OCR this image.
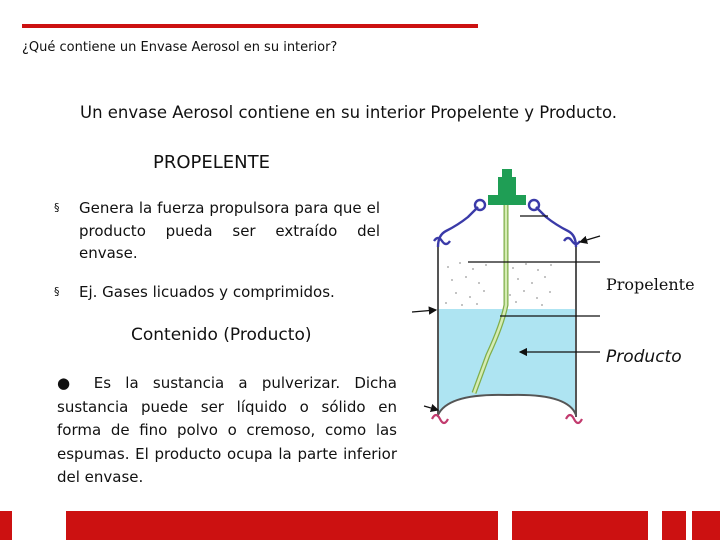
¿Qué contiene un Envase Aerosol en su interior?
Un envase Aerosol contiene en su interior Propelente y Producto.
PROPELENTE
§	Genera la fuerza propulsora para que el producto pueda ser extraído del envase.
§	Ej. Gases licuados y comprimidos.
Contenido (Producto)
● Es la sustancia a pulverizar. Dicha sustancia puede ser líquido o sólido en forma de fino polvo o cremoso, como las espumas. El producto ocupa la parte inferior del envase.
Propelente
Producto
